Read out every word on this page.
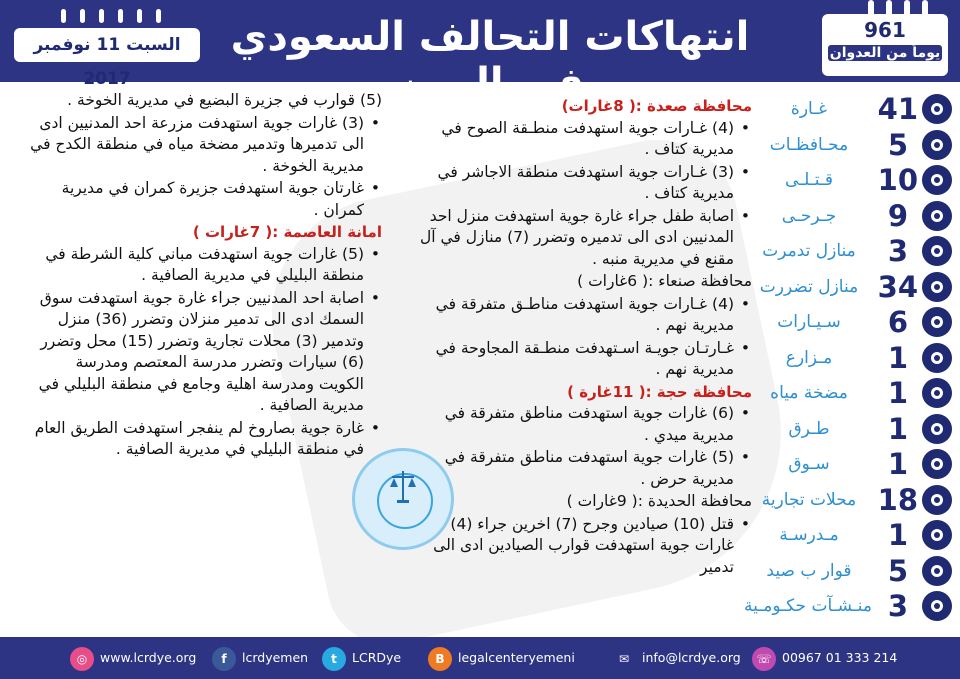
السبت 11 نوفمبر 2017
انتهاكات التحالف السعودي في اليمن
961
يوماً من العدوان
41
غـارة
5
محـافظـات
10
قـتـلـى
9
جـرحـى
3
منازل تدمرت
34
منازل تضررت
6
سـيـارات
1
مـزارع
1
مضخة مياه
1
طـرق
1
سـوق
18
محلات تجارية
1
مـدرسـة
5
قوار ب صيد
3
منـشـآت حكـومـية
محافظة صعدة :( 8غارات)
• (4) غـارات جوية استهدفت منطـقة الصوح في مديرية كتاف .
• (3) غـارات جوية استهدفت منطقة الاجاشر في مديرية كتاف .
• اصابة طفل جراء غارة جوية استهدفت منزل احد المدنيين ادى الى تدميره وتضرر (7) منازل في آل مقنع في مديرية منبه .
محافظة صنعاء :( 6غارات )
• (4) غـارات جوية استهدفت مناطـق متفرقة في مديرية نهم .
• غـارتـان جويـة اسـتهدفت منطـقة المجاوحة في مديرية نهم .
محافظة حجة :( 11غارة )
• (6) غارات جوية استهدفت مناطق متفرقة في مديرية ميدي .
• (5) غارات جوية استهدفت مناطق متفرقة في مديرية حرض .
محافظة الحديدة :( 9غارات )
• قتل (10) صيادين وجرح (7) اخرين جراء (4) غارات جوية استهدفت قوارب الصيادين ادى الى تدمير
(5) قوارب في جزيرة البضيع في مديرية الخوخة .
• (3) غارات جوية استهدفت مزرعة احد المدنيين ادى الى تدميرها وتدمير مضخة مياه في منطقة الكدح في مديرية الخوخة .
• غارتان جوية استهدفت جزيرة كمران في مديرية كمران .
امانة العاصمة :( 7غارات )
• (5) غارات جوية استهدفت مباني كلية الشرطة في منطقة البليلي في مديرية الصافية .
• اصابة احد المدنيين جراء غارة جوية استهدفت سوق السمك ادى الى تدمير منزلان وتضرر (36) منزل وتدمير (3) محلات تجارية وتضرر (15) محل وتضرر (6) سيارات وتضرر مدرسة المعتصم ومدرسة الكويت ومدرسة اهلية وجامع في منطقة البليلي في مديرية الصافية .
• غارة جوية بصاروخ لم ينفجر استهدفت الطريق العام في منطقة البليلي في مديرية الصافية .
☏ 00967 01 333 214
✉	info@lcrdye.org
B	legalcenteryemeni
t	LCRDye
f	lcrdyemen
◎	www.lcrdye.org
